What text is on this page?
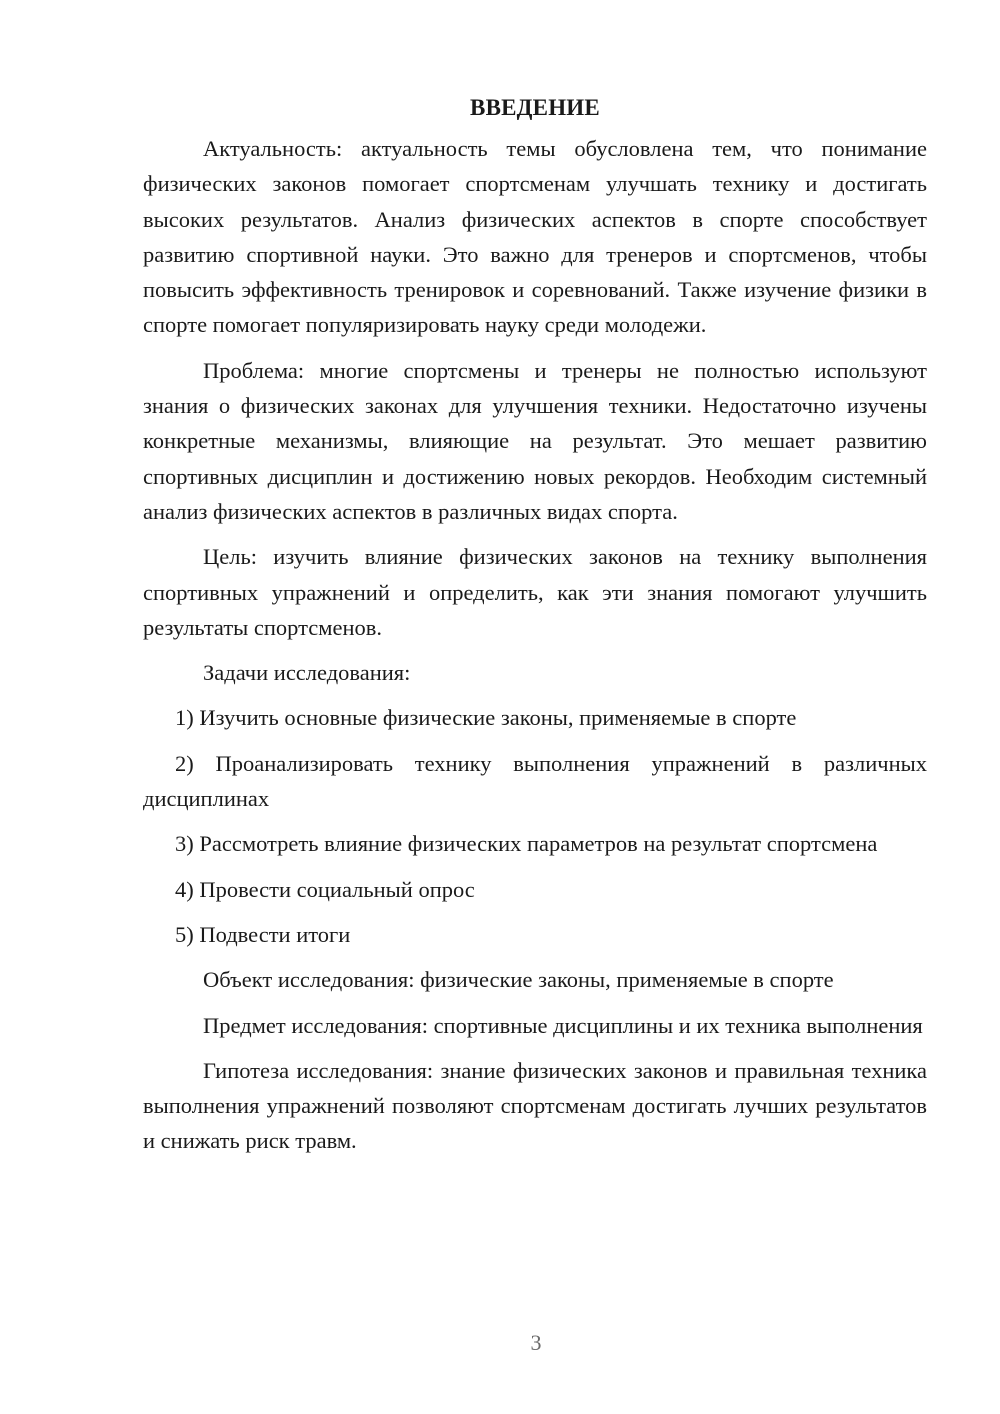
ВВЕДЕНИЕ

Актуальность: актуальность темы обусловлена тем, что понимание физических законов помогает спортсменам улучшать технику и достигать высоких результатов. Анализ физических аспектов в спорте способствует развитию спортивной науки. Это важно для тренеров и спортсменов, чтобы повысить эффективность тренировок и соревнований. Также изучение физики в спорте помогает популяризировать науку среди молодежи.

Проблема: многие спортсмены и тренеры не полностью используют знания о физических законах для улучшения техники. Недостаточно изучены конкретные механизмы, влияющие на результат. Это мешает развитию спортивных дисциплин и достижению новых рекордов. Необходим системный анализ физических аспектов в различных видах спорта.

Цель: изучить влияние физических законов на технику выполнения спортивных упражнений и определить, как эти знания помогают улучшить результаты спортсменов.

Задачи исследования:

1) Изучить основные физические законы, применяемые в спорте

2) Проанализировать технику выполнения упражнений в различных дисциплинах

3) Рассмотреть влияние физических параметров на результат спортсмена

4) Провести социальный опрос

5) Подвести итоги

Объект исследования: физические законы, применяемые в спорте

Предмет исследования: спортивные дисциплины и их техника выполнения

Гипотеза исследования: знание физических законов и правильная техника выполнения упражнений позволяют спортсменам достигать лучших результатов и снижать риск травм.

3
